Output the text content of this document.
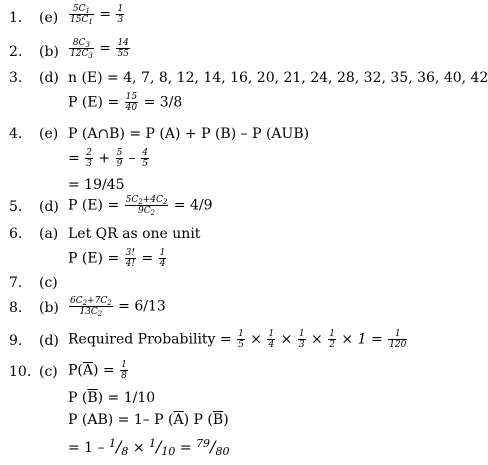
1. $(e) \frac{5C_1}{15C_1} = \frac{1}{3}$
2. $(b) \frac{8C_3}{12C_3} = \frac{14}{55}$
3. (d) n (E) = 4, 7, 8, 12, 14, 16, 20, 21, 24, 28, 32, 35, 36, 40, 42
P $(E) = \frac{15}{40} = 3/8$
4. (e) P (A∩B) = P (A) + P (B) – P (AUB)
= $\frac{2}{3} + \frac{5}{9} - \frac{4}{5}$
= 19/45
5. (d) P $(E) = \frac{5C_2+4C_2}{9C_2} = 4/9$
6. (a) Let QR as one unit
P $(E) = \frac{3!}{4!} = \frac{1}{4}$
7. (c)
8. $(b) \frac{6C_2+7C_2}{13C_2} = 6/13$
9. (d) Required Probability = $\frac{1}{5} \times \frac{1}{4} \times \frac{1}{3} \times \frac{1}{2} \times 1 = \frac{1}{120}$
10. (c) $P(\overline{A}) = \frac{1}{8}$
P $(\overline{B}) = 1/10$
P (AB) = 1– P $(\overline{A})$ P $(\overline{B})$
= $1 - ^1/_8 \times ^1/_{10} = ^{79}/_{80}$
